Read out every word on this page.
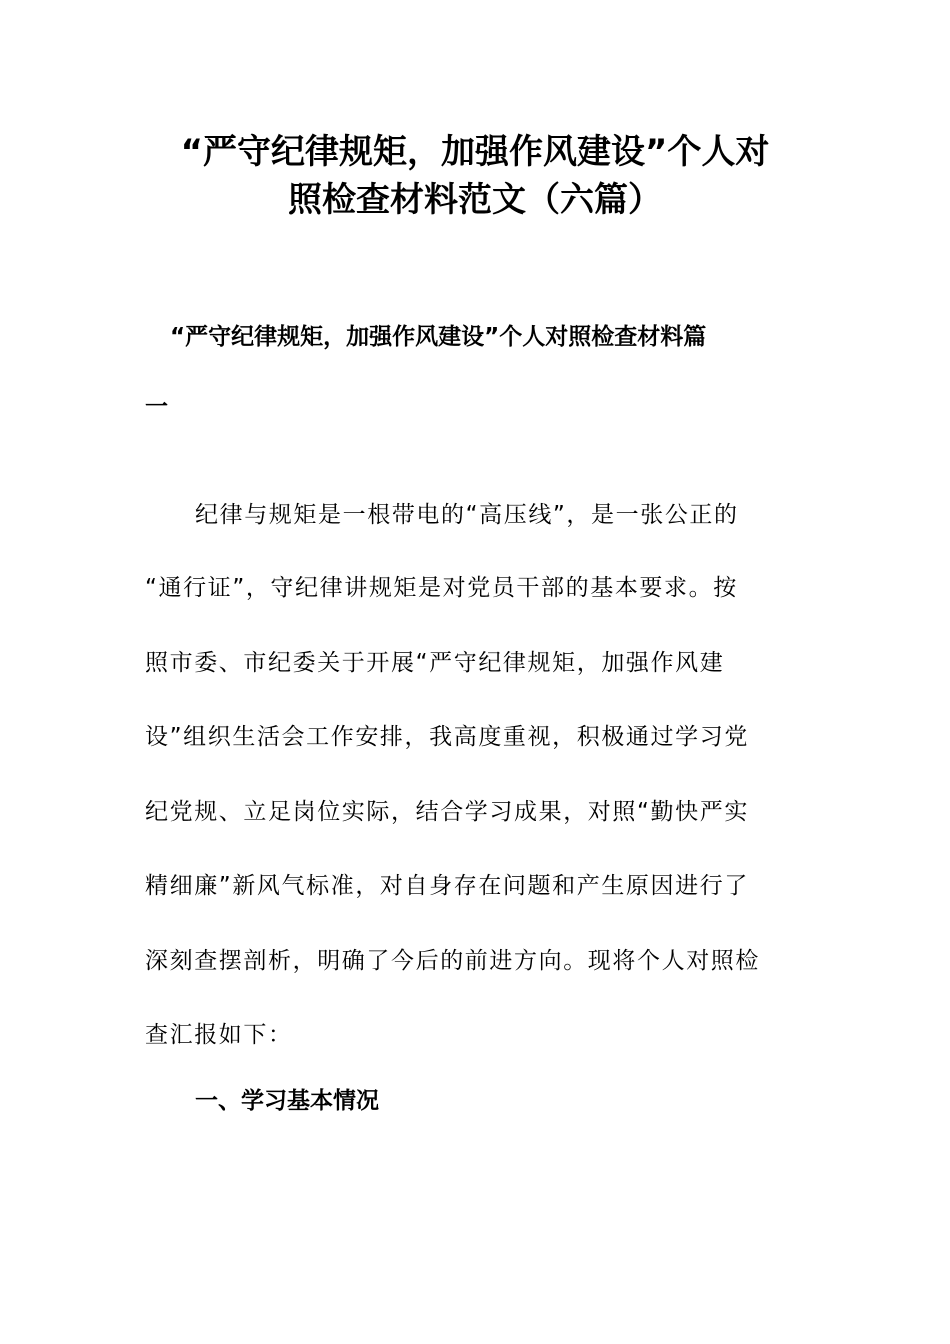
“严守纪律规矩，加强作风建设”个人对
照检查材料范文（六篇）
“严守纪律规矩，加强作风建设”个人对照检查材料篇
一
纪律与规矩是一根带电的“高压线”，是一张公正的
“通行证”，守纪律讲规矩是对党员干部的基本要求。按
照市委、市纪委关于开展“严守纪律规矩，加强作风建
设”组织生活会工作安排，我高度重视，积极通过学习党
纪党规、立足岗位实际，结合学习成果，对照“勤快严实
精细廉”新风气标准，对自身存在问题和产生原因进行了
深刻查摆剖析，明确了今后的前进方向。现将个人对照检
查汇报如下：
一、学习基本情况
